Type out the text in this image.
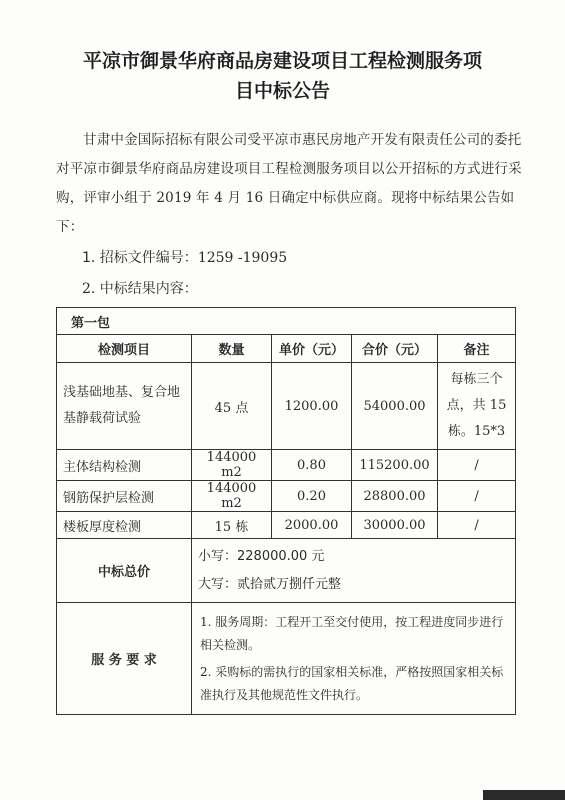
平凉市御景华府商品房建设项目工程检测服务项
目中标公告
甘肃中金国际招标有限公司受平凉市惠民房地产开发有限责任公司的委托对平凉市御景华府商品房建设项目工程检测服务项目以公开招标的方式进行采购，评审小组于 2019 年 4 月 16 日确定中标供应商。现将中标结果公告如下：
1. 招标文件编号：1259 -19095
2. 中标结果内容：
第一包				
检测项目	数量	单价（元）	合价（元）	备注
浅基础地基、复合地基静载荷试验	45 点	1200.00	54000.00	每栋三个点，共 15 栋。15*3
主体结构检测	144000 m2	0.80	115200.00	/
钢筋保护层检测	144000 m2	0.20	28800.00	/
楼板厚度检测	15 栋	2000.00	30000.00	/
中标总价	小写：228000.00 元
大写：贰拾贰万捌仟元整			

服 务 要 求	1. 服务周期：工程开工至交付使用，按工程进度同步进行相关检测。
2. 采购标的需执行的国家相关标准，严格按照国家相关标准执行及其他规范性文件执行。			
